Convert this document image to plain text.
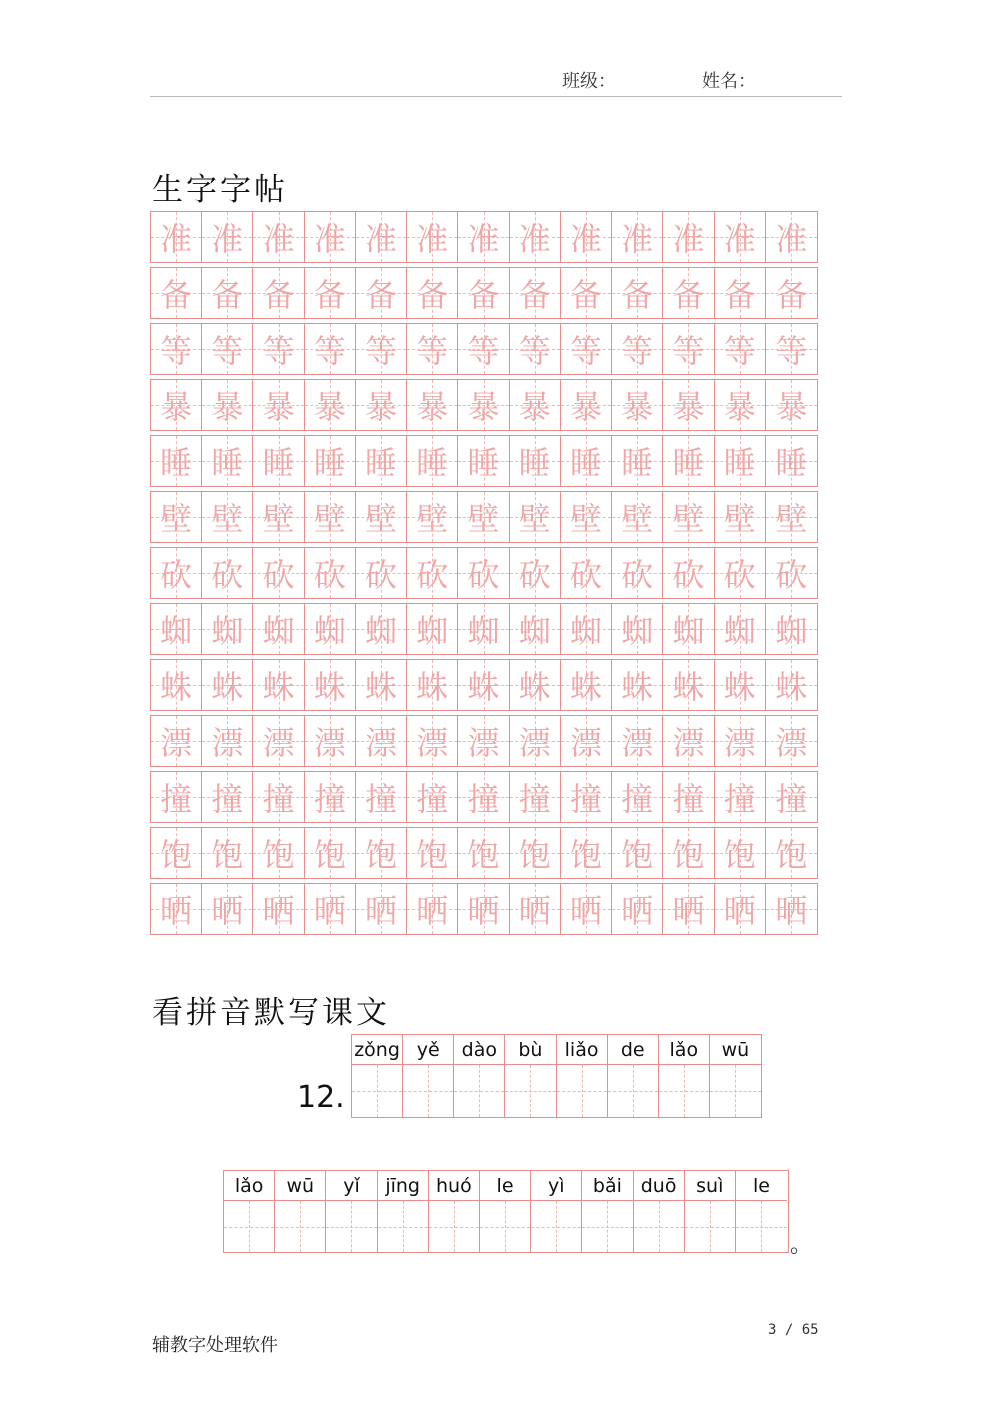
班级：	姓名：
生字字帖
准 准 准 准 准 准 准 准 准 准 准 准 准
备 备 备 备 备 备 备 备 备 备 备 备 备
等 等 等 等 等 等 等 等 等 等 等 等 等
暴 暴 暴 暴 暴 暴 暴 暴 暴 暴 暴 暴 暴
睡 睡 睡 睡 睡 睡 睡 睡 睡 睡 睡 睡 睡
壁 壁 壁 壁 壁 壁 壁 壁 壁 壁 壁 壁 壁
砍 砍 砍 砍 砍 砍 砍 砍 砍 砍 砍 砍 砍
蜘 蜘 蜘 蜘 蜘 蜘 蜘 蜘 蜘 蜘 蜘 蜘 蜘
蛛 蛛 蛛 蛛 蛛 蛛 蛛 蛛 蛛 蛛 蛛 蛛 蛛
漂 漂 漂 漂 漂 漂 漂 漂 漂 漂 漂 漂 漂
撞 撞 撞 撞 撞 撞 撞 撞 撞 撞 撞 撞 撞
饱 饱 饱 饱 饱 饱 饱 饱 饱 饱 饱 饱 饱
晒 晒 晒 晒 晒 晒 晒 晒 晒 晒 晒 晒 晒
看拼音默写课文
12.
zǒng yě	dào	bù	liǎo	de	lǎo	wū
lǎo	wū	yǐ	jīng huó	le	yì	bǎi duō	suì	le
。
辅教字处理软件
3 / 65
